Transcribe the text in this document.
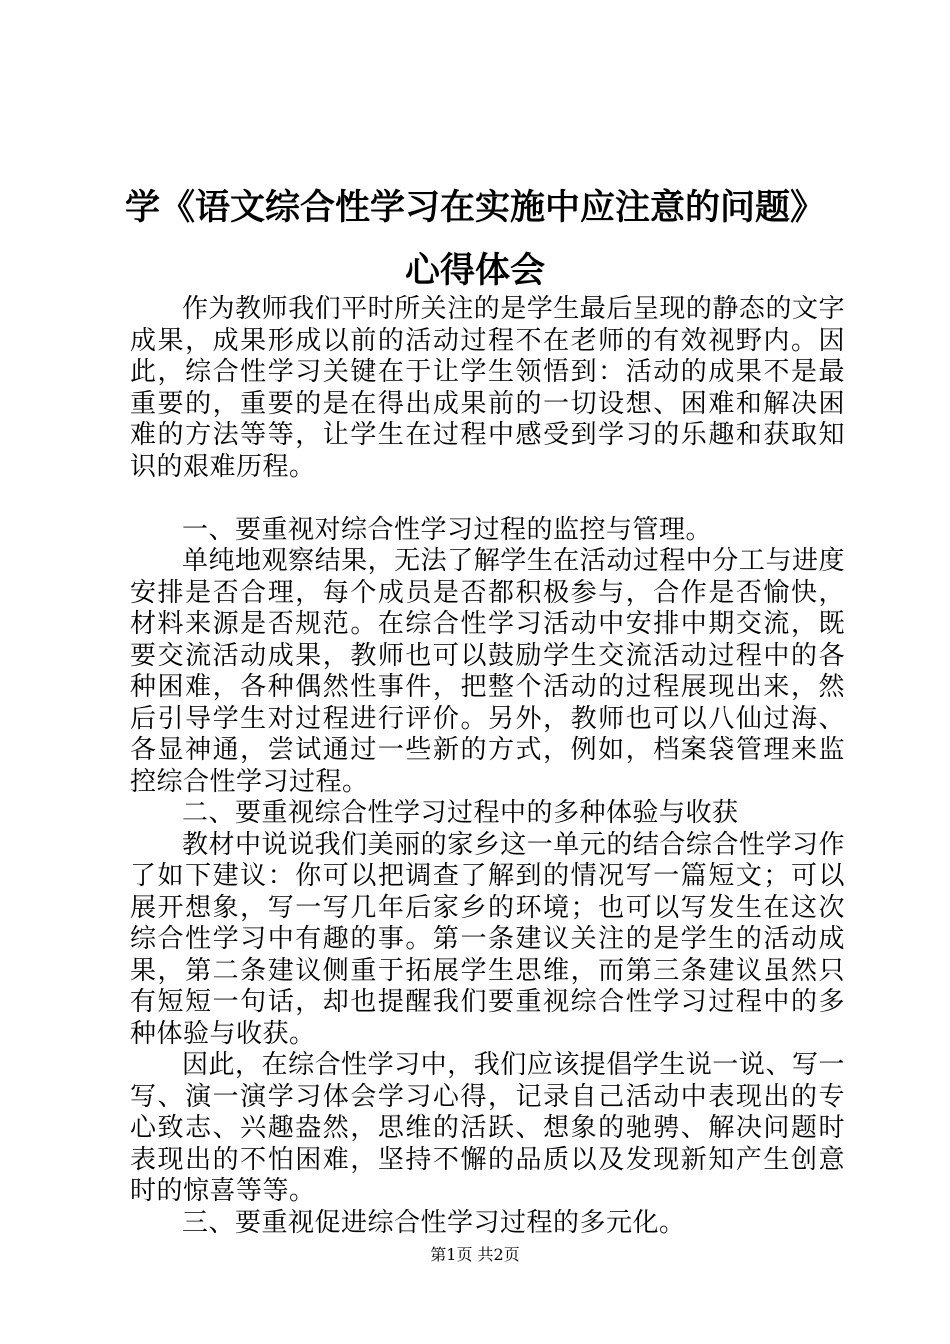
学《语文综合性学习在实施中应注意的问题》
心得体会

作为教师我们平时所关注的是学生最后呈现的静态的文字成果，成果形成以前的活动过程不在老师的有效视野内。因此，综合性学习关键在于让学生领悟到：活动的成果不是最重要的，重要的是在得出成果前的一切设想、困难和解决困难的方法等等，让学生在过程中感受到学习的乐趣和获取知识的艰难历程。

一、要重视对综合性学习过程的监控与管理。

单纯地观察结果，无法了解学生在活动过程中分工与进度安排是否合理，每个成员是否都积极参与，合作是否愉快，材料来源是否规范。在综合性学习活动中安排中期交流，既要交流活动成果，教师也可以鼓励学生交流活动过程中的各种困难，各种偶然性事件，把整个活动的过程展现出来，然后引导学生对过程进行评价。另外，教师也可以八仙过海、各显神通，尝试通过一些新的方式，例如，档案袋管理来监控综合性学习过程。

二、要重视综合性学习过程中的多种体验与收获

教材中说说我们美丽的家乡这一单元的结合综合性学习作了如下建议：你可以把调查了解到的情况写一篇短文；可以展开想象，写一写几年后家乡的环境；也可以写发生在这次综合性学习中有趣的事。第一条建议关注的是学生的活动成果，第二条建议侧重于拓展学生思维，而第三条建议虽然只有短短一句话，却也提醒我们要重视综合性学习过程中的多种体验与收获。

因此，在综合性学习中，我们应该提倡学生说一说、写一写、演一演学习体会学习心得，记录自己活动中表现出的专心致志、兴趣盎然，思维的活跃、想象的驰骋、解决问题时表现出的不怕困难，坚持不懈的品质以及发现新知产生创意时的惊喜等等。

三、要重视促进综合性学习过程的多元化。

第1页 共2页
